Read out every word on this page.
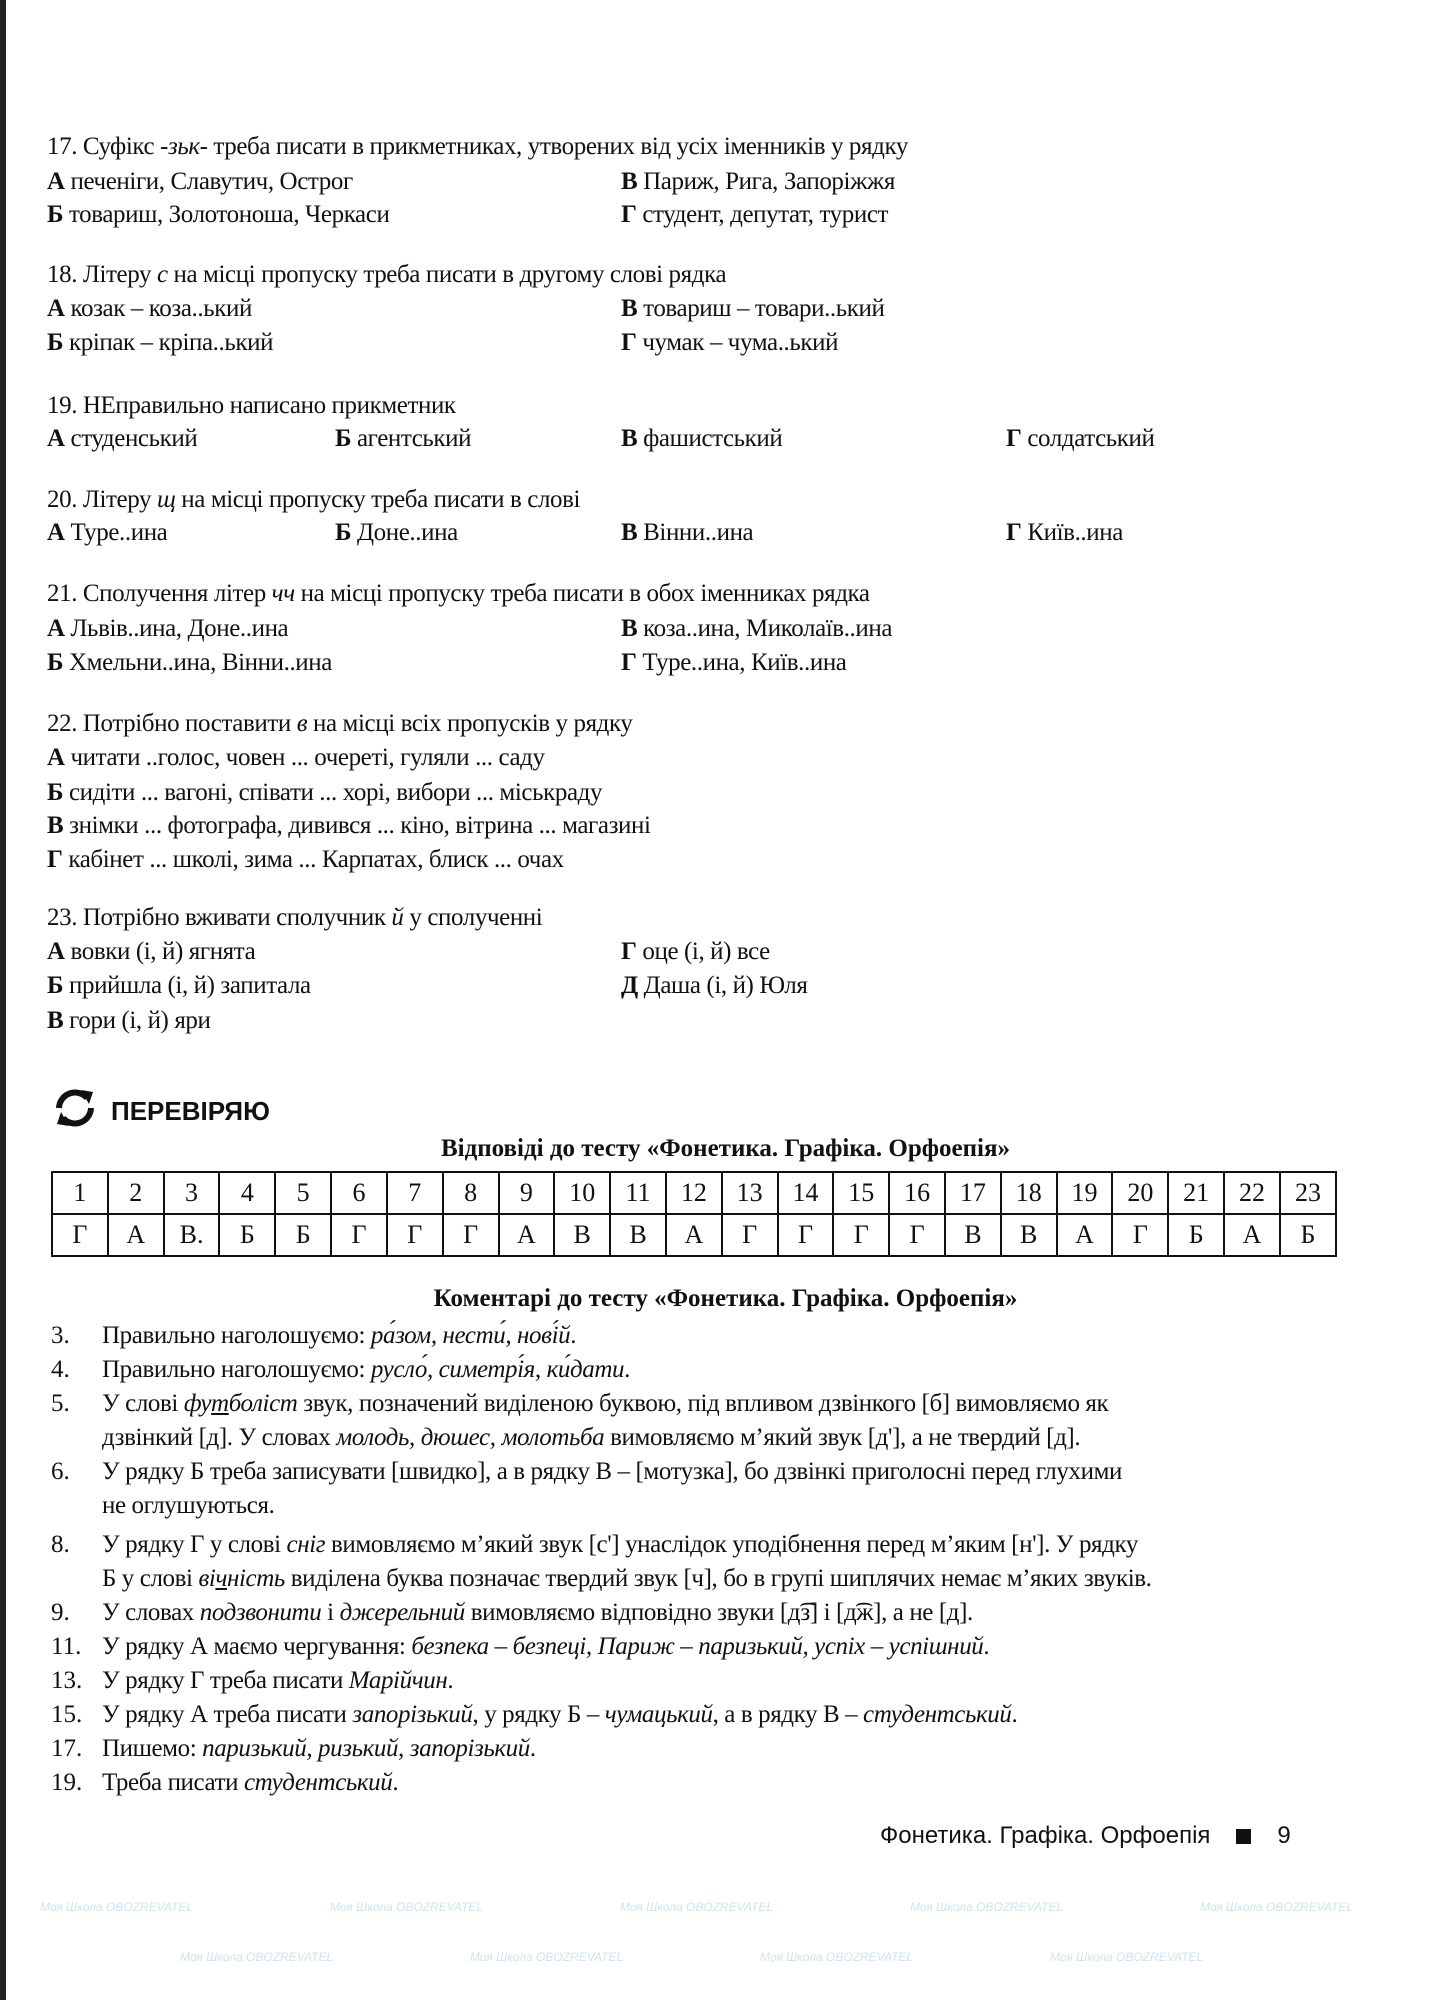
Моя Школа OBOZREVATEL	Моя Школа OBOZREVATEL	Моя Школа OBOZREVATEL	Моя Школа OBOZREVATEL	Моя Школа OBOZREVATEL
Моя Школа OBOZREVATEL	Моя Школа OBOZREVATEL	Моя Школа OBOZREVATEL	Моя Школа OBOZREVATEL
17. Суфікс -зьк- треба писати в прикметниках, утворених від усіх іменників у рядку
А печеніги, Славутич, Острог	В Париж, Рига, Запоріжжя
Б товариш, Золотоноша, Черкаси	Г студент, депутат, турист
18. Літеру с на місці пропуску треба писати в другому слові рядка
А козак – коза..ький	В товариш – товари..ький
Б кріпак – кріпа..ький	Г чумак – чума..ький
19. НЕправильно написано прикметник
А студенський	Б агентський	В фашистський	Г солдатський
20. Літеру щ на місці пропуску треба писати в слові
А Туре..ина	Б Доне..ина	В Вінни..ина	Г Київ..ина
21. Сполучення літер чч на місці пропуску треба писати в обох іменниках рядка
А Львів..ина, Доне..ина	В коза..ина, Миколаїв..ина
Б Хмельни..ина, Вінни..ина	Г Туре..ина, Київ..ина
22. Потрібно поставити в на місці всіх пропусків у рядку
А читати ..голос, човен ... очереті, гуляли ... саду
Б сидіти ... вагоні, співати ... хорі, вибори ... міськраду
В знімки ... фотографа, дивився ... кіно, вітрина ... магазині
Г кабінет ... школі, зима ... Карпатах, блиск ... очах
23. Потрібно вживати сполучник й у сполученні
А вовки (і, й) ягнята	Г оце (і, й) все
Б прийшла (і, й) запитала	Д Даша (і, й) Юля
В гори (і, й) яри
ПЕРЕВІРЯЮ
Відповіді до тесту «Фонетика. Графіка. Орфоепія»
1	2	3	4	5	6	7	8	9	10	11	12	13	14	15	16	17	18	19	20	21	22	23
Г	А	В.	Б	Б	Г	Г	Г	А	В	В	А	Г	Г	Г	Г	В	В	А	Г	Б	А	Б
Коментарі до тесту «Фонетика. Графіка. Орфоепія»
3. Правильно наголошуємо: ра́зом, нести́, нові́й.
4. Правильно наголошуємо: русло́, симетрі́я, ки́дати.
5. У слові футболіст звук, позначений виділеною буквою, під впливом дзвінкого [б] вимовляємо як
дзвінкий [д]. У словах молодь, дюшес, молотьба вимовляємо м’який звук [д'], а не твердий [д].
6. У рядку Б треба записувати [швидко], а в рядку В – [мотузка], бо дзвінкі приголосні перед глухими
не оглушуються.
8. У рядку Г у слові сніг вимовляємо м’який звук [с'] унаслідок уподібнення перед м’яким [н']. У рядку
Б у слові вічність виділена буква позначає твердий звук [ч], бо в групі шиплячих немає м’яких звуків.
9. У словах подзвонити і джерельний вимовляємо відповідно звуки [д͡з] і [д͡ж], а не [д].
11. У рядку А маємо чергування: безпека – безпеці, Париж – паризький, успіх – успішний.
13. У рядку Г треба писати Марійчин.
15. У рядку А треба писати запорізький, у рядку Б – чумацький, а в рядку В – студентський.
17. Пишемо: паризький, ризький, запорізький.
19. Треба писати студентський.
Фонетика. Графіка. Орфоепія	9
